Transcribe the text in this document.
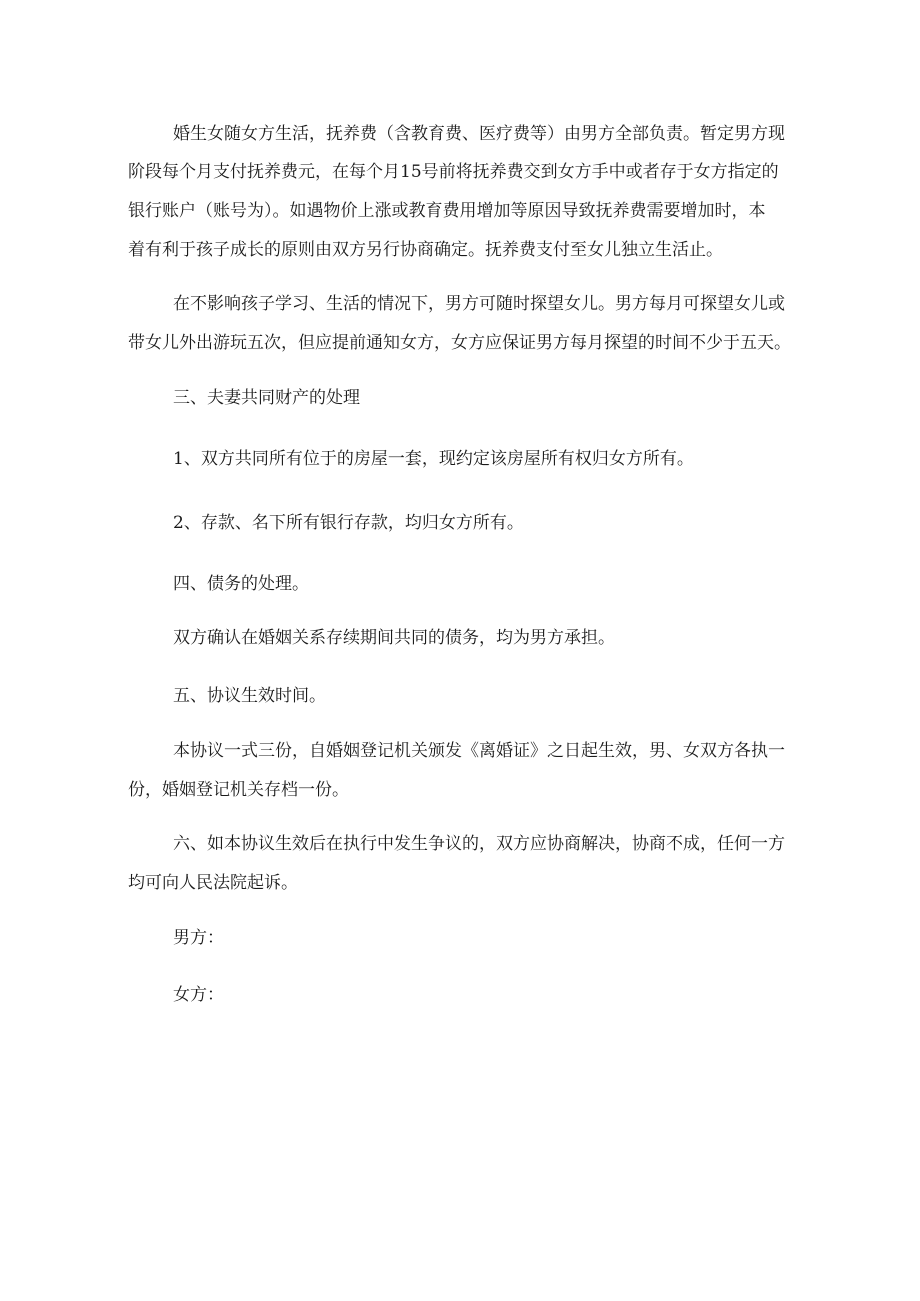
婚生女随女方生活，抚养费（含教育费、医疗费等）由男方全部负责。暂定男方现

阶段每个月支付抚养费元，在每个月15号前将抚养费交到女方手中或者存于女方指定的

银行账户（账号为）。如遇物价上涨或教育费用增加等原因导致抚养费需要增加时，本

着有利于孩子成长的原则由双方另行协商确定。抚养费支付至女儿独立生活止。

在不影响孩子学习、生活的情况下，男方可随时探望女儿。男方每月可探望女儿或

带女儿外出游玩五次，但应提前通知女方，女方应保证男方每月探望的时间不少于五天。

三、夫妻共同财产的处理

1、双方共同所有位于的房屋一套，现约定该房屋所有权归女方所有。

2、存款、名下所有银行存款，均归女方所有。

四、债务的处理。

双方确认在婚姻关系存续期间共同的债务，均为男方承担。

五、协议生效时间。

本协议一式三份，自婚姻登记机关颁发《离婚证》之日起生效，男、女双方各执一

份，婚姻登记机关存档一份。

六、如本协议生效后在执行中发生争议的，双方应协商解决，协商不成，任何一方

均可向人民法院起诉。

男方：

女方：
